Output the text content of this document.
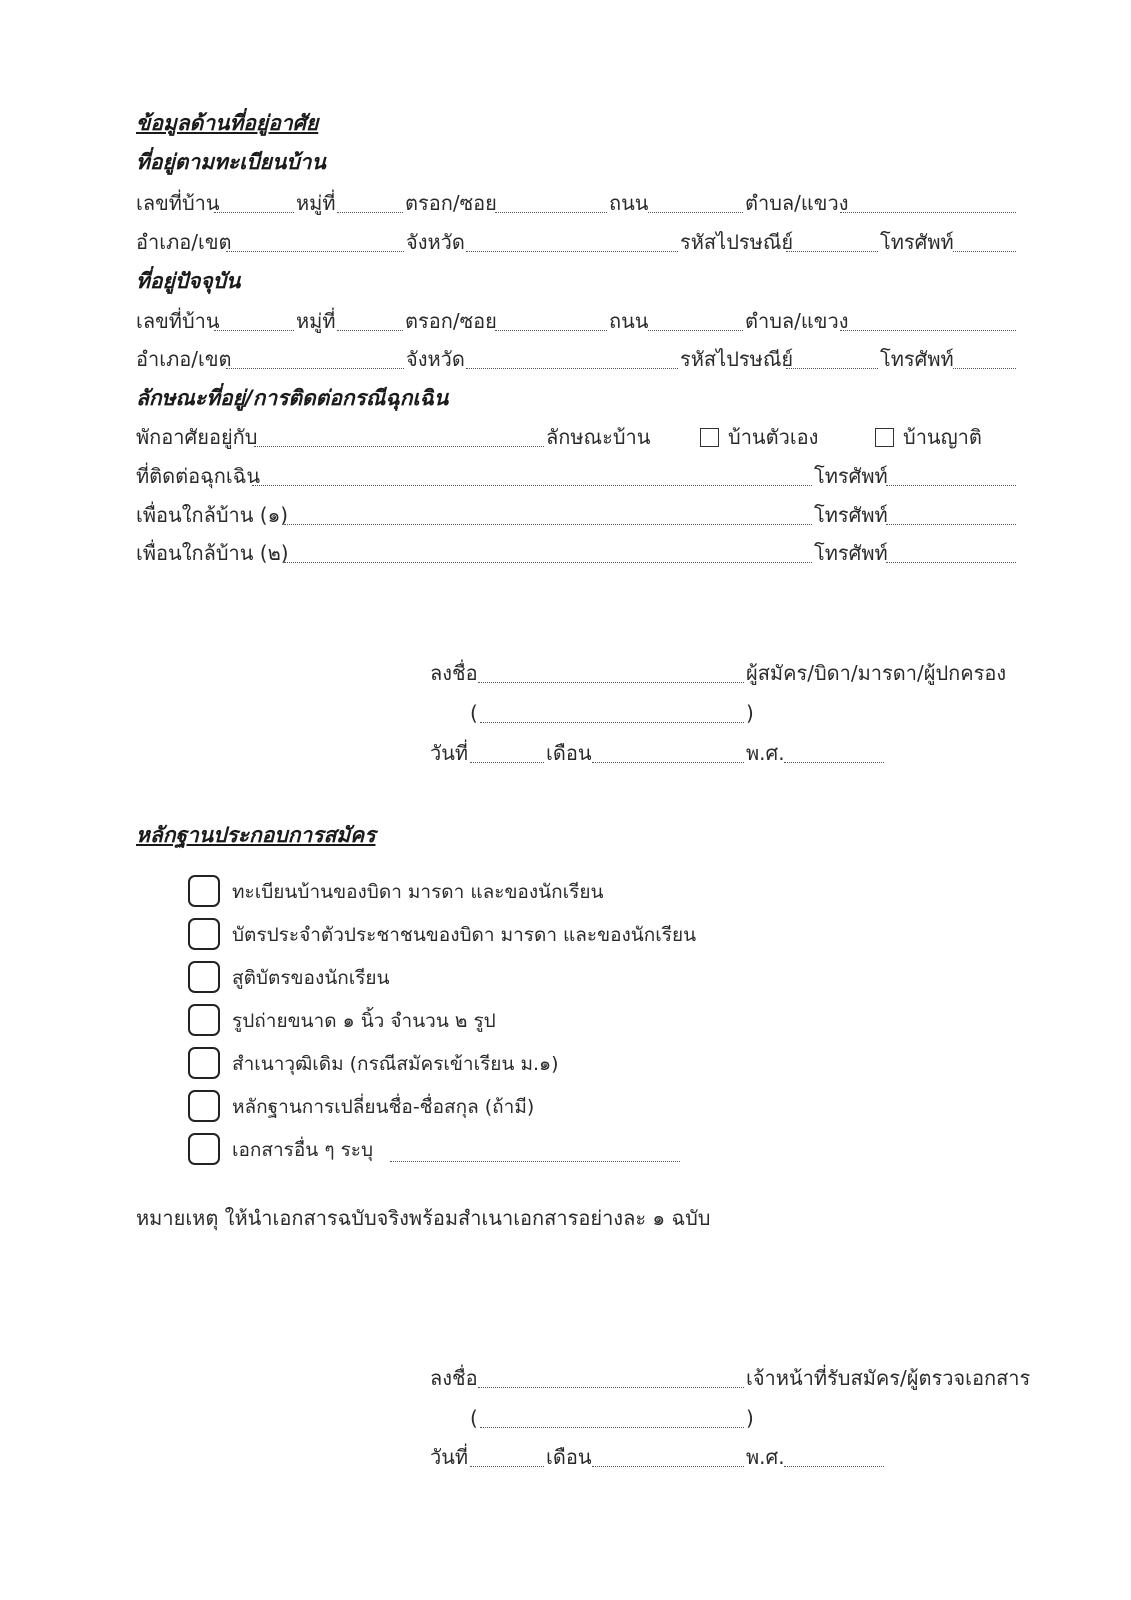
ข้อมูลด้านที่อยู่อาศัย
ที่อยู่ตามทะเบียนบ้าน
เลขที่บ้าน	หมู่ที่	ตรอก/ซอย	ถนน	ตำบล/แขวง
อำเภอ/เขต	จังหวัด	รหัสไปรษณีย์	โทรศัพท์
ที่อยู่ปัจจุบัน
เลขที่บ้าน	หมู่ที่	ตรอก/ซอย	ถนน	ตำบล/แขวง
อำเภอ/เขต	จังหวัด	รหัสไปรษณีย์	โทรศัพท์
ลักษณะที่อยู่/การติดต่อกรณีฉุกเฉิน
พักอาศัยอยู่กับ	ลักษณะบ้าน	บ้านตัวเอง	บ้านญาติ
ที่ติดต่อฉุกเฉิน	โทรศัพท์
เพื่อนใกล้บ้าน (๑)	โทรศัพท์
เพื่อนใกล้บ้าน (๒)	โทรศัพท์
ลงชื่อ	ผู้สมัคร/บิดา/มารดา/ผู้ปกครอง
(	)
วันที่	เดือน	พ.ศ.
หลักฐานประกอบการสมัคร
ทะเบียนบ้านของบิดา มารดา และของนักเรียน
บัตรประจำตัวประชาชนของบิดา มารดา และของนักเรียน
สูติบัตรของนักเรียน
รูปถ่ายขนาด ๑ นิ้ว จำนวน ๒ รูป
สำเนาวุฒิเดิม (กรณีสมัครเข้าเรียน ม.๑)
หลักฐานการเปลี่ยนชื่อ-ชื่อสกุล (ถ้ามี)
เอกสารอื่น ๆ ระบุ
หมายเหตุ ให้นำเอกสารฉบับจริงพร้อมสำเนาเอกสารอย่างละ ๑ ฉบับ
ลงชื่อ	เจ้าหน้าที่รับสมัคร/ผู้ตรวจเอกสาร
(	)
วันที่	เดือน	พ.ศ.
